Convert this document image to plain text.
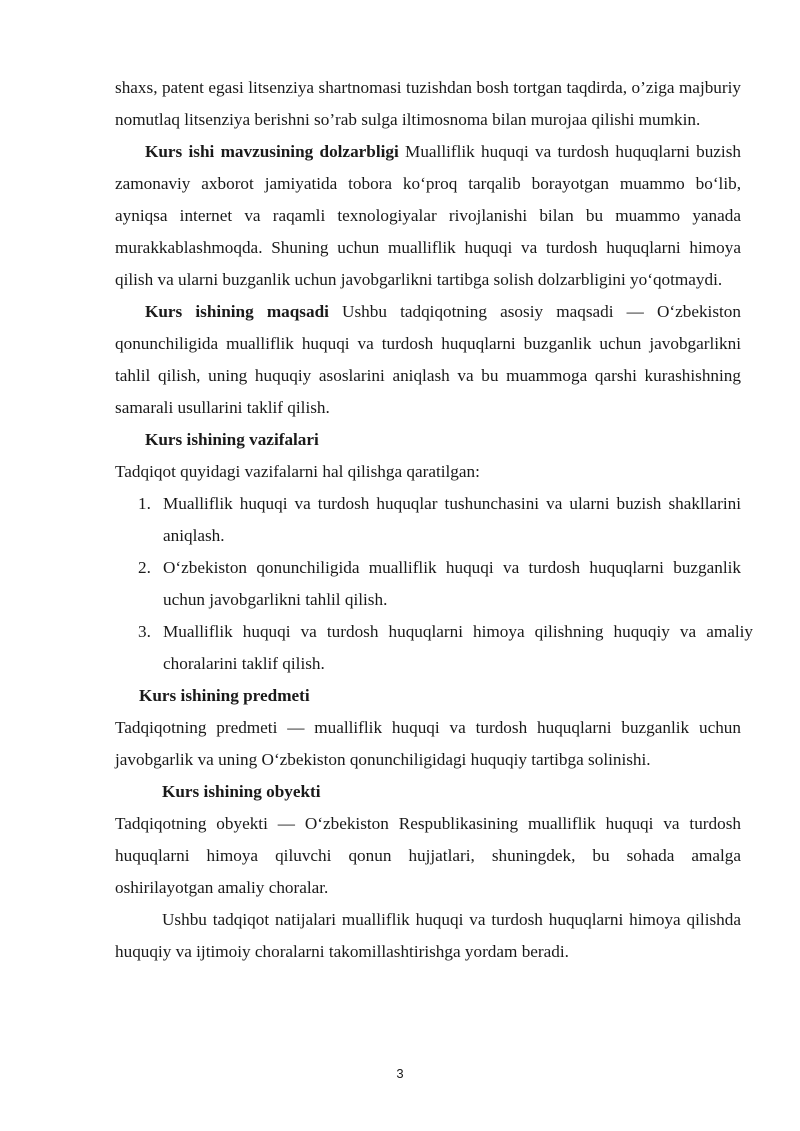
shaxs, patent egasi litsenziya shartnomasi tuzishdan bosh tortgan taqdirda, o’ziga majburiy nomutlaq litsenziya berishni so’rab sulga iltimosnoma bilan murojaa qilishi mumkin.

Kurs ishi mavzusining dolzarbligi Mualliflik huquqi va turdosh huquqlarni buzish zamonaviy axborot jamiyatida tobora koʻproq tarqalib borayotgan muammo boʻlib, ayniqsa internet va raqamli texnologiyalar rivojlanishi bilan bu muammo yanada murakkablashmoqda. Shuning uchun mualliflik huquqi va turdosh huquqlarni himoya qilish va ularni buzganlik uchun javobgarlikni tartibga solish dolzarbligini yoʻqotmaydi.

Kurs ishining maqsadi Ushbu tadqiqotning asosiy maqsadi — Oʻzbekiston qonunchiligida mualliflik huquqi va turdosh huquqlarni buzganlik uchun javobgarlikni tahlil qilish, uning huquqiy asoslarini aniqlash va bu muammoga qarshi kurashishning samarali usullarini taklif qilish.

Kurs ishining vazifalari

Tadqiqot quyidagi vazifalarni hal qilishga qaratilgan:

1. Mualliflik huquqi va turdosh huquqlar tushunchasini va ularni buzish shakllarini aniqlash.
2. Oʻzbekiston qonunchiligida mualliflik huquqi va turdosh huquqlarni buzganlik uchun javobgarlikni tahlil qilish.
3. Mualliflik huquqi va turdosh huquqlarni himoya qilishning huquqiy va amaliy choralarini taklif qilish.
Kurs ishining predmeti

Tadqiqotning predmeti — mualliflik huquqi va turdosh huquqlarni buzganlik uchun javobgarlik va uning Oʻzbekiston qonunchiligidagi huquqiy tartibga solinishi.

Kurs ishining obyekti

Tadqiqotning obyekti — Oʻzbekiston Respublikasining mualliflik huquqi va turdosh huquqlarni himoya qiluvchi qonun hujjatlari, shuningdek, bu sohada amalga oshirilayotgan amaliy choralar.

Ushbu tadqiqot natijalari mualliflik huquqi va turdosh huquqlarni himoya qilishda huquqiy va ijtimoiy choralarni takomillashtirishga yordam beradi.

3
